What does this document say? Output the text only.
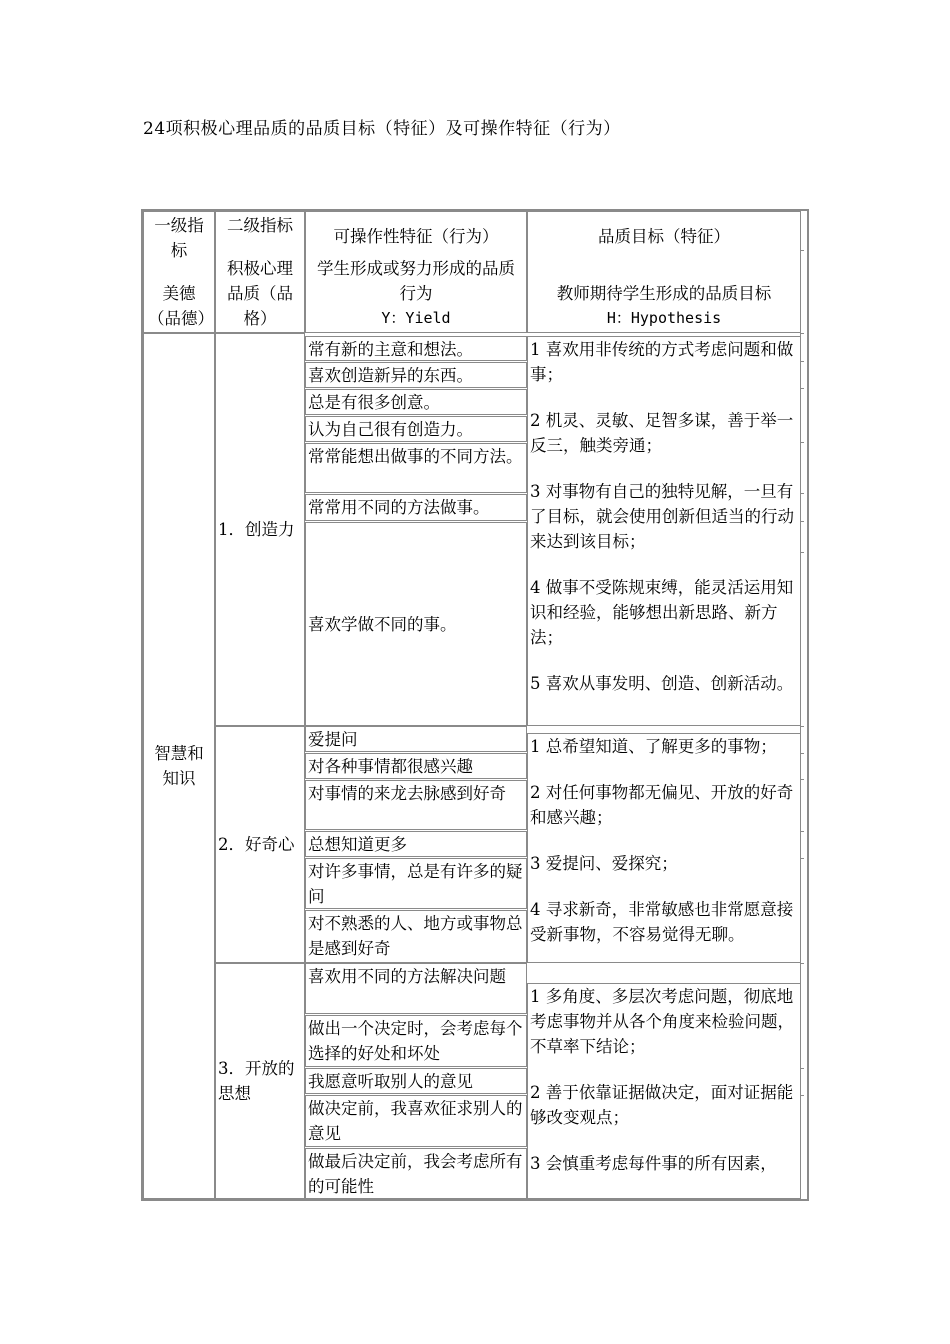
24项积极心理品质的品质目标（特征）及可操作特征（行为）
一级指标
美德（品德）
二级指标
积极心理品质（品格）
可操作性特征（行为）
学生形成或努力形成的品质行为
Y：Yield
品质目标（特征）
教师期待学生形成的品质目标
H：Hypothesis
智慧和知识
1．创造力
常有新的主意和想法。
喜欢创造新异的东西。
总是有很多创意。
认为自己很有创造力。
常常能想出做事的不同方法。
常常用不同的方法做事。
喜欢学做不同的事。

1 喜欢用非传统的方式考虑问题和做事；

2 机灵、灵敏、足智多谋，善于举一反三，触类旁通；

3 对事物有自己的独特见解，一旦有了目标，就会使用创新但适当的行动来达到该目标；

4 做事不受陈规束缚，能灵活运用知识和经验，能够想出新思路、新方法；

5 喜欢从事发明、创造、创新活动。

2．好奇心
爱提问
对各种事情都很感兴趣
对事情的来龙去脉感到好奇
总想知道更多
对许多事情，总是有许多的疑问
对不熟悉的人、地方或事物总是感到好奇

1 总希望知道、了解更多的事物；

2 对任何事物都无偏见、开放的好奇和感兴趣；

3 爱提问、爱探究；

4 寻求新奇，非常敏感也非常愿意接受新事物，不容易觉得无聊。

3．开放的思想
喜欢用不同的方法解决问题
做出一个决定时，会考虑每个选择的好处和坏处
我愿意听取别人的意见
做决定前，我喜欢征求别人的意见
做最后决定前，我会考虑所有的可能性

1 多角度、多层次考虑问题，彻底地考虑事物并从各个角度来检验问题，不草率下结论；

2 善于依靠证据做决定，面对证据能够改变观点；

3 会慎重考虑每件事的所有因素，
